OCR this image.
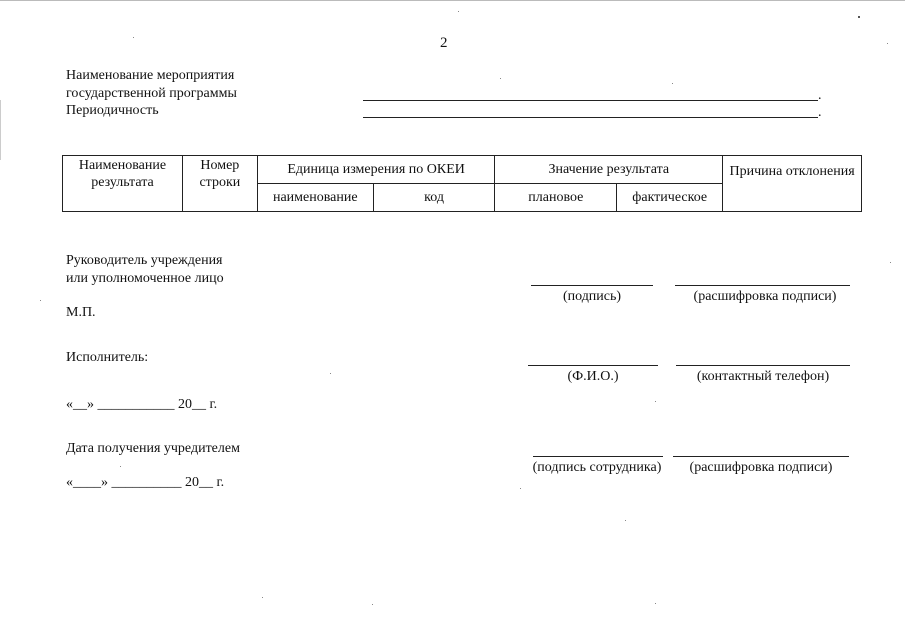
2
Наименование мероприятия
государственной программы
Периодичность
.
.
Наименование результата	Номер строки	Единица измерения по ОКЕИ		Значение результата		Причина отклонения
		наименование	код	плановое	фактическое	
Руководитель учреждения
или уполномоченное лицо
(подпись)	(расшифровка подписи)
М.П.
Исполнитель:
(Ф.И.О.)	(контактный телефон)
«__» ___________ 20__ г.
Дата получения учредителем
(подпись сотрудника)	(расшифровка подписи)
«____» __________ 20__ г.
